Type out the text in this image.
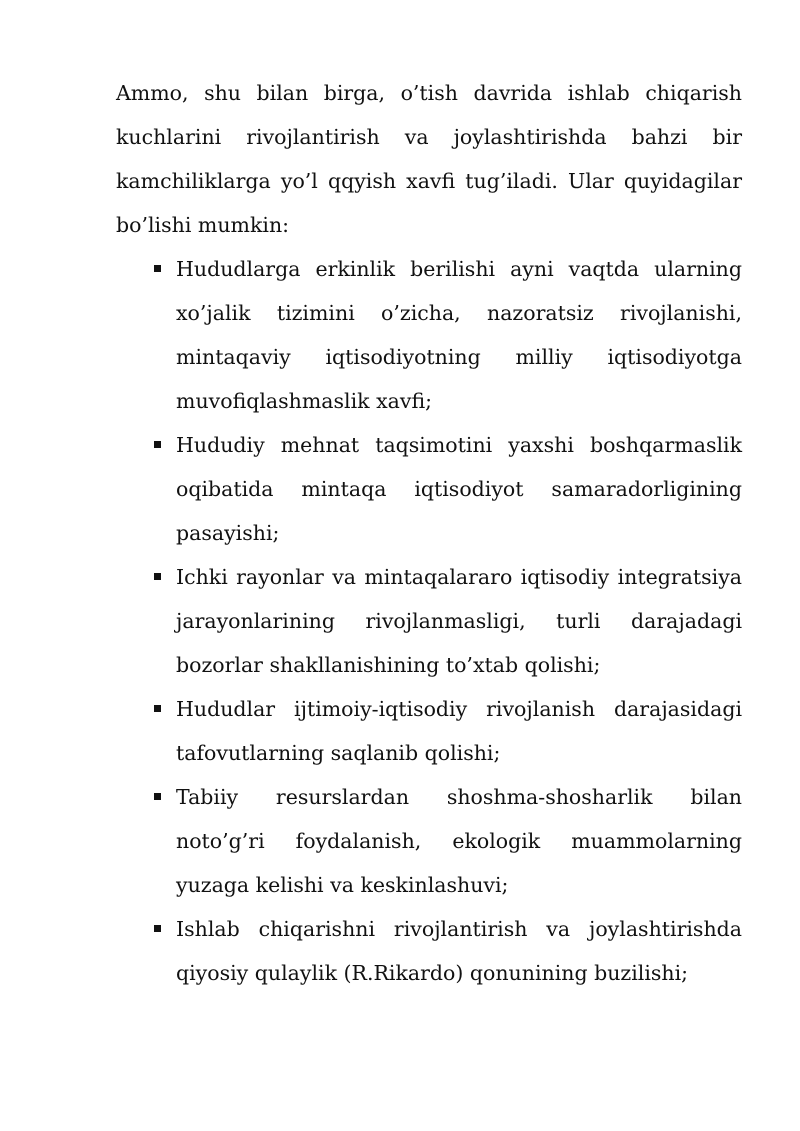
Ammo, shu bilan birga, o’tish davrida ishlab chiqarish kuchlarini rivojlantirish va joylashtirishda bahzi bir kamchiliklarga yo’l qqyish xavfi tug’iladi. Ular quyidagilar bo’lishi mumkin:

Hududlarga erkinlik berilishi ayni vaqtda ularning xo’jalik tizimini o’zicha, nazoratsiz rivojlanishi, mintaqaviy iqtisodiyotning milliy iqtisodiyotga muvofiqlashmaslik xavfi;
Hududiy mehnat taqsimotini yaxshi boshqarmaslik oqibatida mintaqa iqtisodiyot samaradorligining pasayishi;
Ichki rayonlar va mintaqalararo iqtisodiy integratsiya jarayonlarining rivojlanmasligi, turli darajadagi bozorlar shakllanishining to’xtab qolishi;
Hududlar ijtimoiy-iqtisodiy rivojlanish darajasidagi tafovutlarning saqlanib qolishi;
Tabiiy resurslardan shoshma-shosharlik bilan noto’g’ri foydalanish, ekologik muammolarning yuzaga kelishi va keskinlashuvi;
Ishlab chiqarishni rivojlantirish va joylashtirishda qiyosiy qulaylik (R.Rikardo) qonunining buzilishi;
